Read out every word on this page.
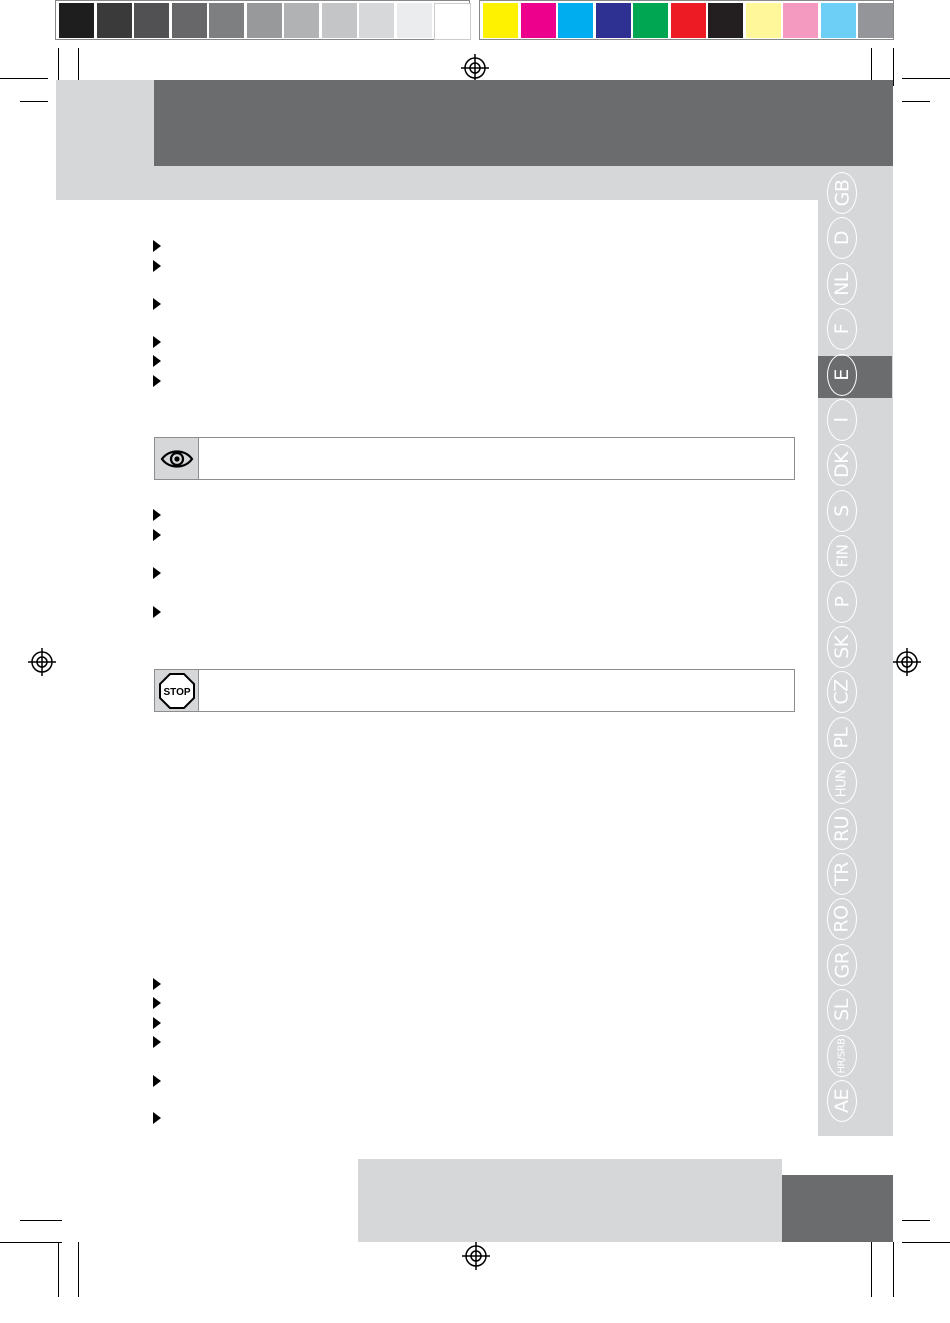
GB
D
NL
F
E
I
DK
S
FIN
P
SK
CZ
PL
HUN
RU
TR
RO
GR
SL
HR/SRB
AE
STOP
